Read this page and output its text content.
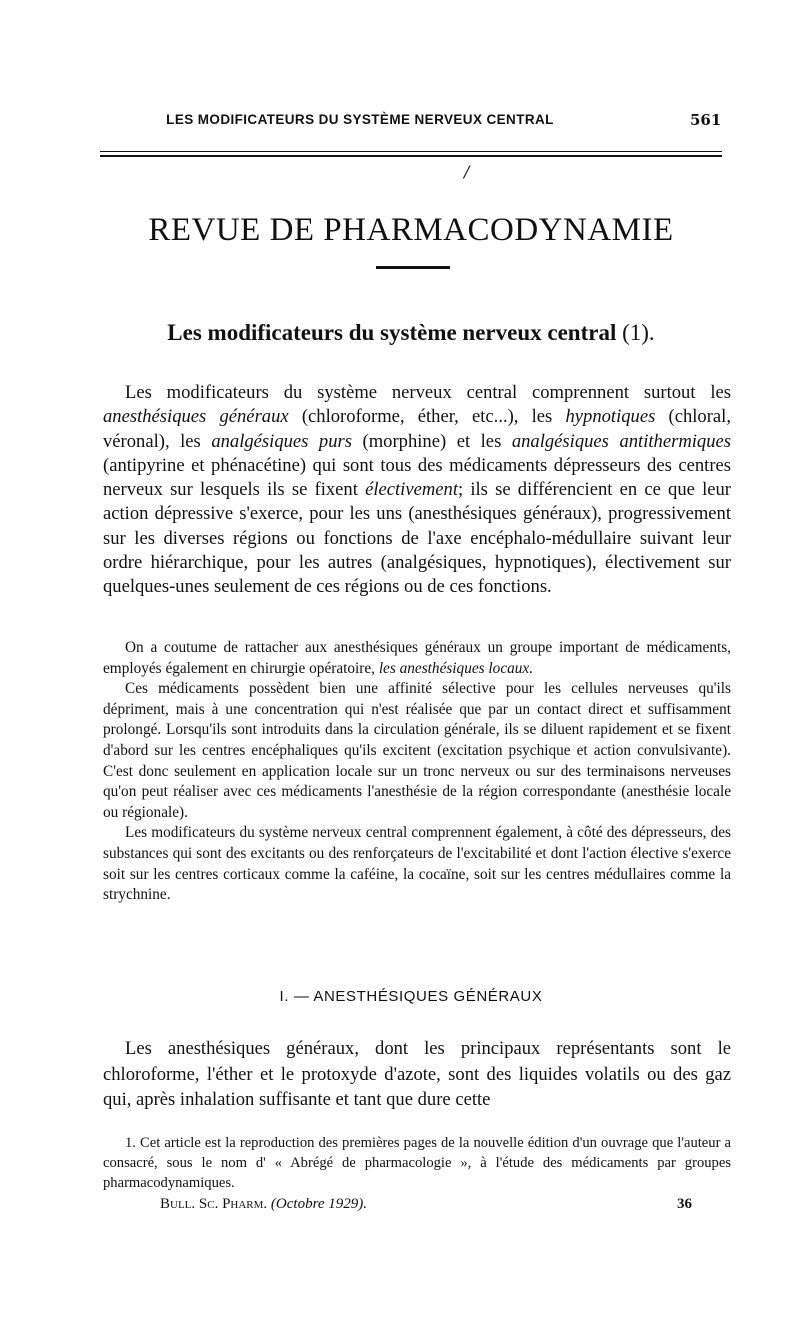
LES MODIFICATEURS DU SYSTÈME NERVEUX CENTRAL	561
/
REVUE DE PHARMACODYNAMIE
Les modificateurs du système nerveux central (1).

Les modificateurs du système nerveux central comprennent surtout les anesthésiques généraux (chloroforme, éther, etc...), les hypnotiques (chloral, véronal), les analgésiques purs (morphine) et les analgésiques antithermiques (antipyrine et phénacétine) qui sont tous des médicaments dépresseurs des centres nerveux sur lesquels ils se fixent électivement; ils se différencient en ce que leur action dépressive s'exerce, pour les uns (anesthésiques généraux), progressivement sur les diverses régions ou fonctions de l'axe encéphalo-médullaire suivant leur ordre hiérarchique, pour les autres (analgésiques, hypnotiques), électivement sur quelques-unes seulement de ces régions ou de ces fonctions.

On a coutume de rattacher aux anesthésiques généraux un groupe important de médicaments, employés également en chirurgie opératoire, les anesthésiques locaux.

Ces médicaments possèdent bien une affinité sélective pour les cellules nerveuses qu'ils dépriment, mais à une concentration qui n'est réalisée que par un contact direct et suffisamment prolongé. Lorsqu'ils sont introduits dans la circulation générale, ils se diluent rapidement et se fixent d'abord sur les centres encéphaliques qu'ils excitent (excitation psychique et action convulsivante). C'est donc seulement en application locale sur un tronc nerveux ou sur des terminaisons nerveuses qu'on peut réaliser avec ces médicaments l'anesthésie de la région correspondante (anesthésie locale ou régionale).

Les modificateurs du système nerveux central comprennent également, à côté des dépresseurs, des substances qui sont des excitants ou des renforçateurs de l'excitabilité et dont l'action élective s'exerce soit sur les centres corticaux comme la caféine, la cocaïne, soit sur les centres médullaires comme la strychnine.

I. — ANESTHÉSIQUES GÉNÉRAUX

Les anesthésiques généraux, dont les principaux représentants sont le chloroforme, l'éther et le protoxyde d'azote, sont des liquides volatils ou des gaz qui, après inhalation suffisante et tant que dure cette

1. Cet article est la reproduction des premières pages de la nouvelle édition d'un ouvrage que l'auteur a consacré, sous le nom d' « Abrégé de pharmacologie », à l'étude des médicaments par groupes pharmacodynamiques.

Bull. Sc. Pharm. (Octobre 1929).	36
